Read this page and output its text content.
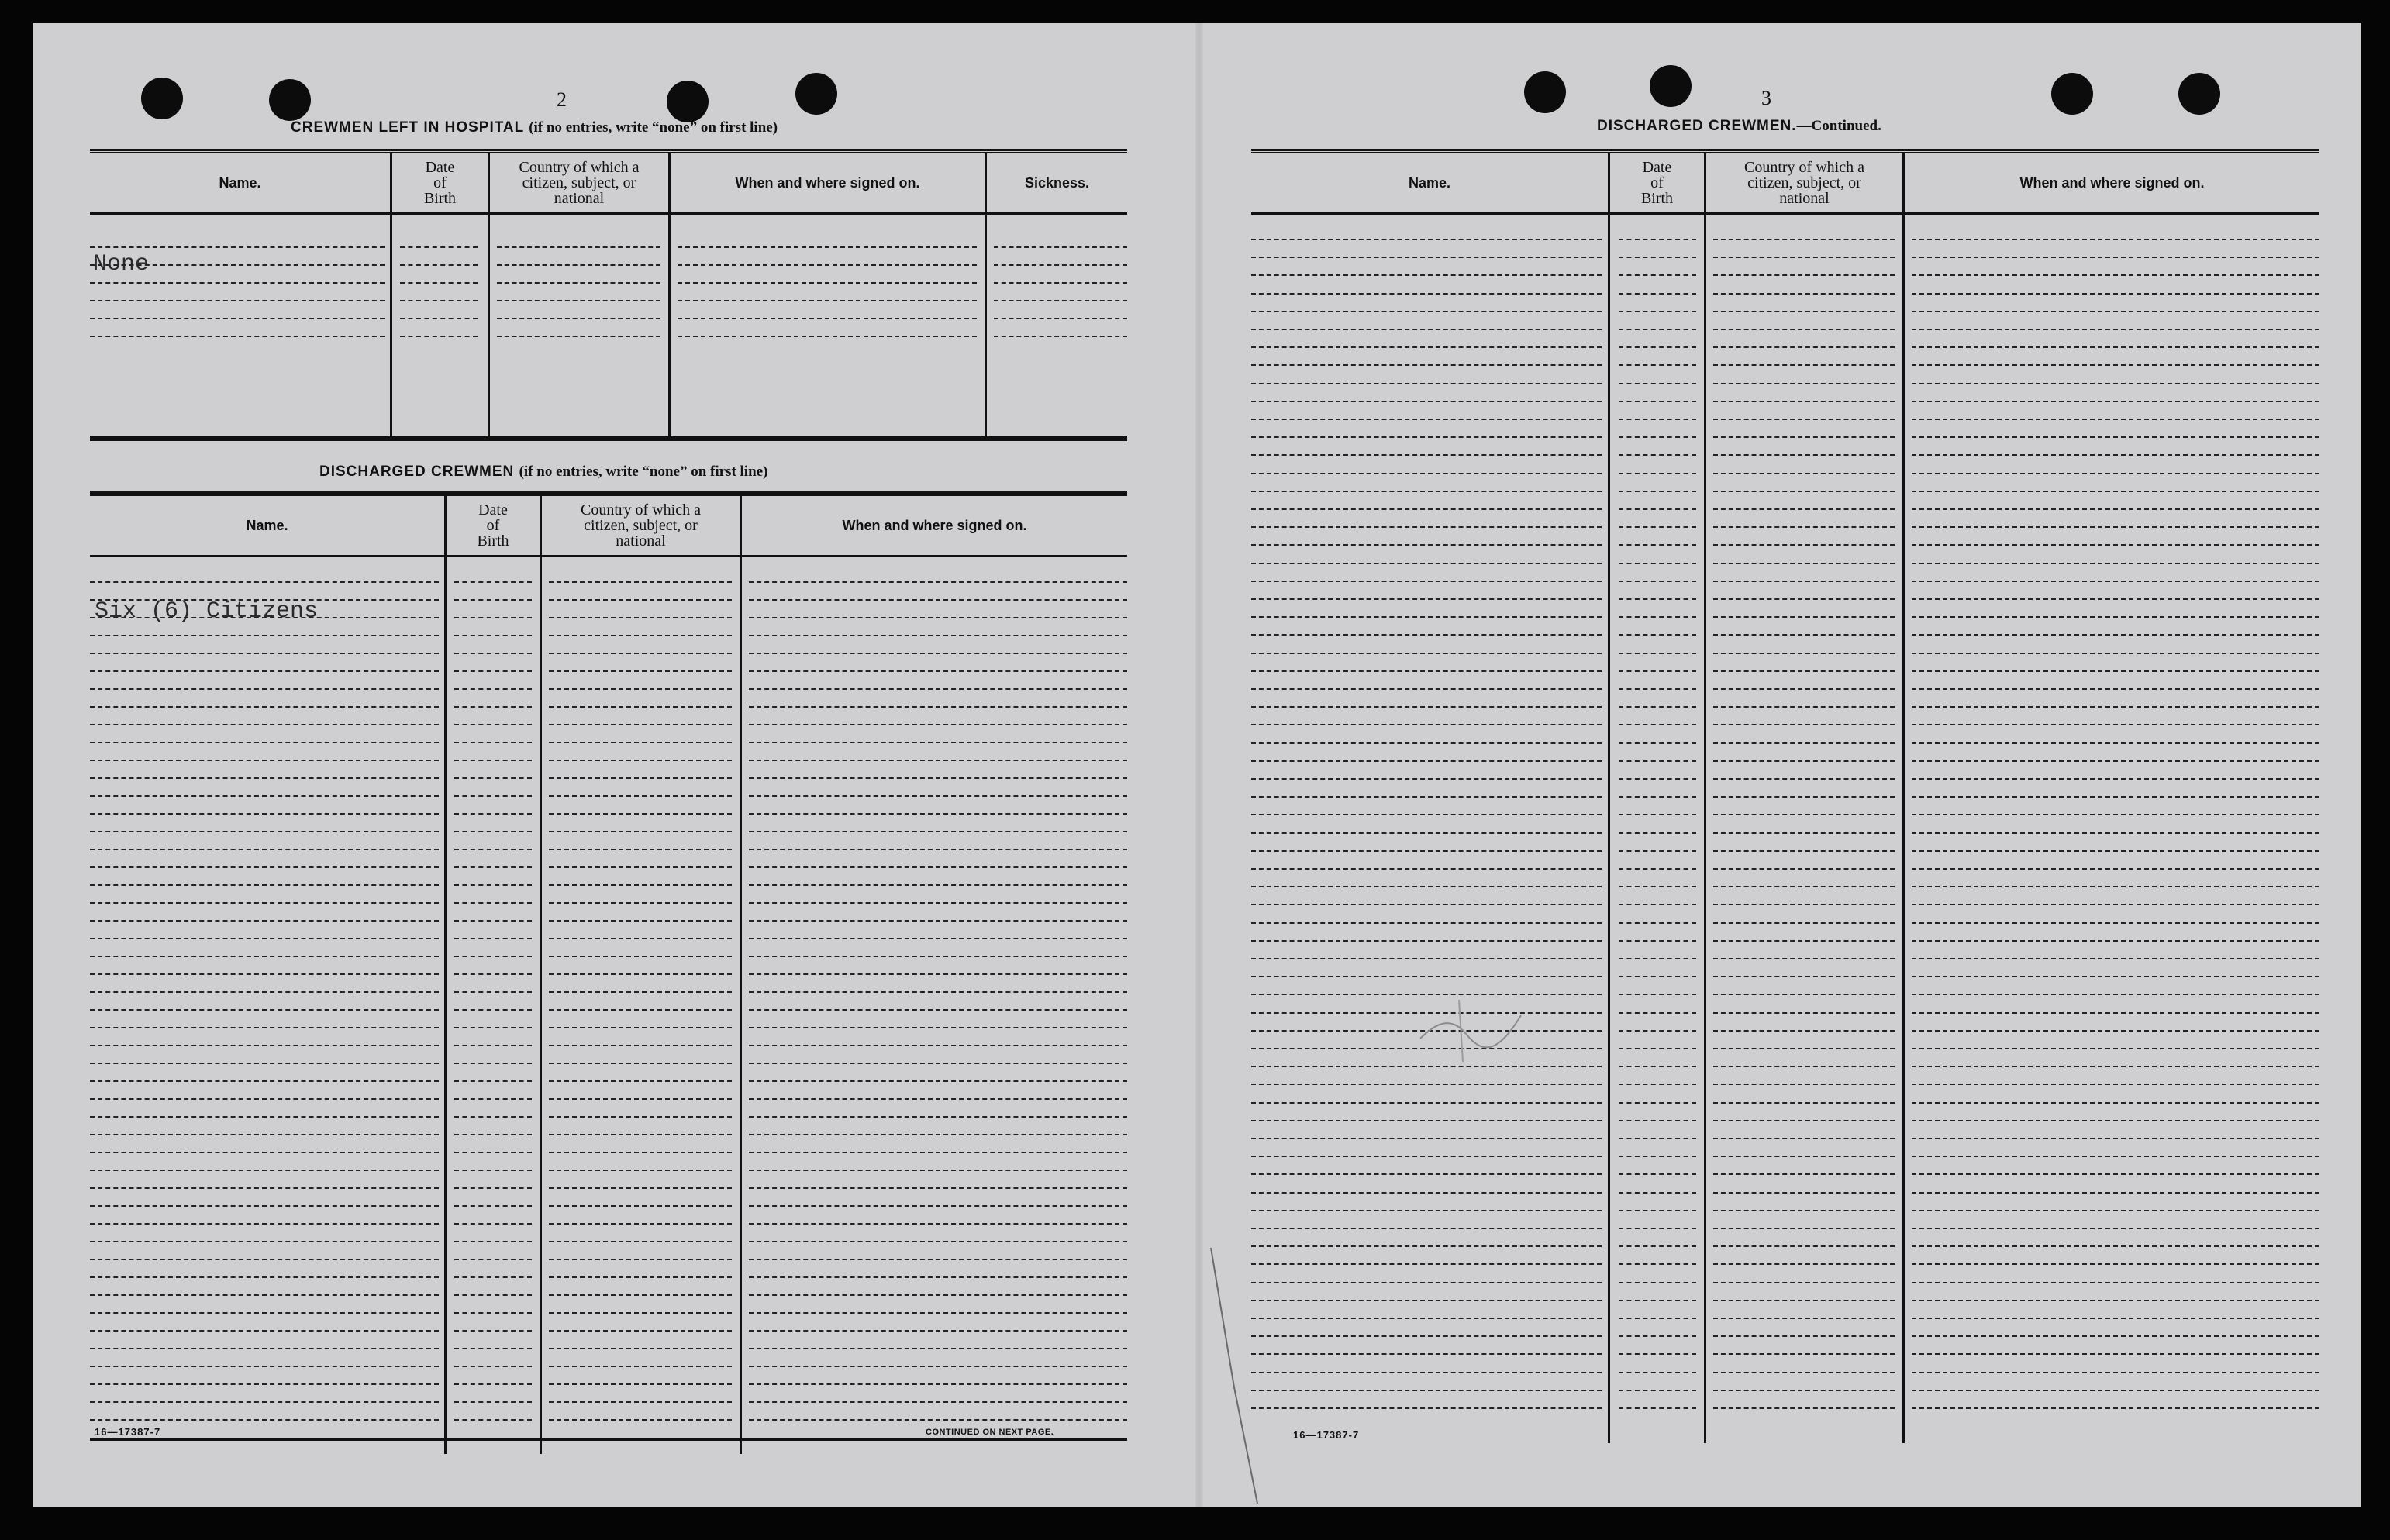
2
CREWMEN LEFT IN HOSPITAL (if no entries, write “none” on first line)
Name.
Date
of
Birth
Country of which a
citizen, subject, or
national
When and where signed on.	Sickness.
None
DISCHARGED CREWMEN (if no entries, write “none” on first line)
Name.
Date
of
Birth
Country of which a
citizen, subject, or
national
When and where signed on.
Six (6) Citizens
16—17387-7	CONTINUED ON NEXT PAGE.
3
DISCHARGED CREWMEN.—Continued.
Name.
Date
of
Birth
Country of which a
citizen, subject, or
national
When and where signed on.
16—17387-7
